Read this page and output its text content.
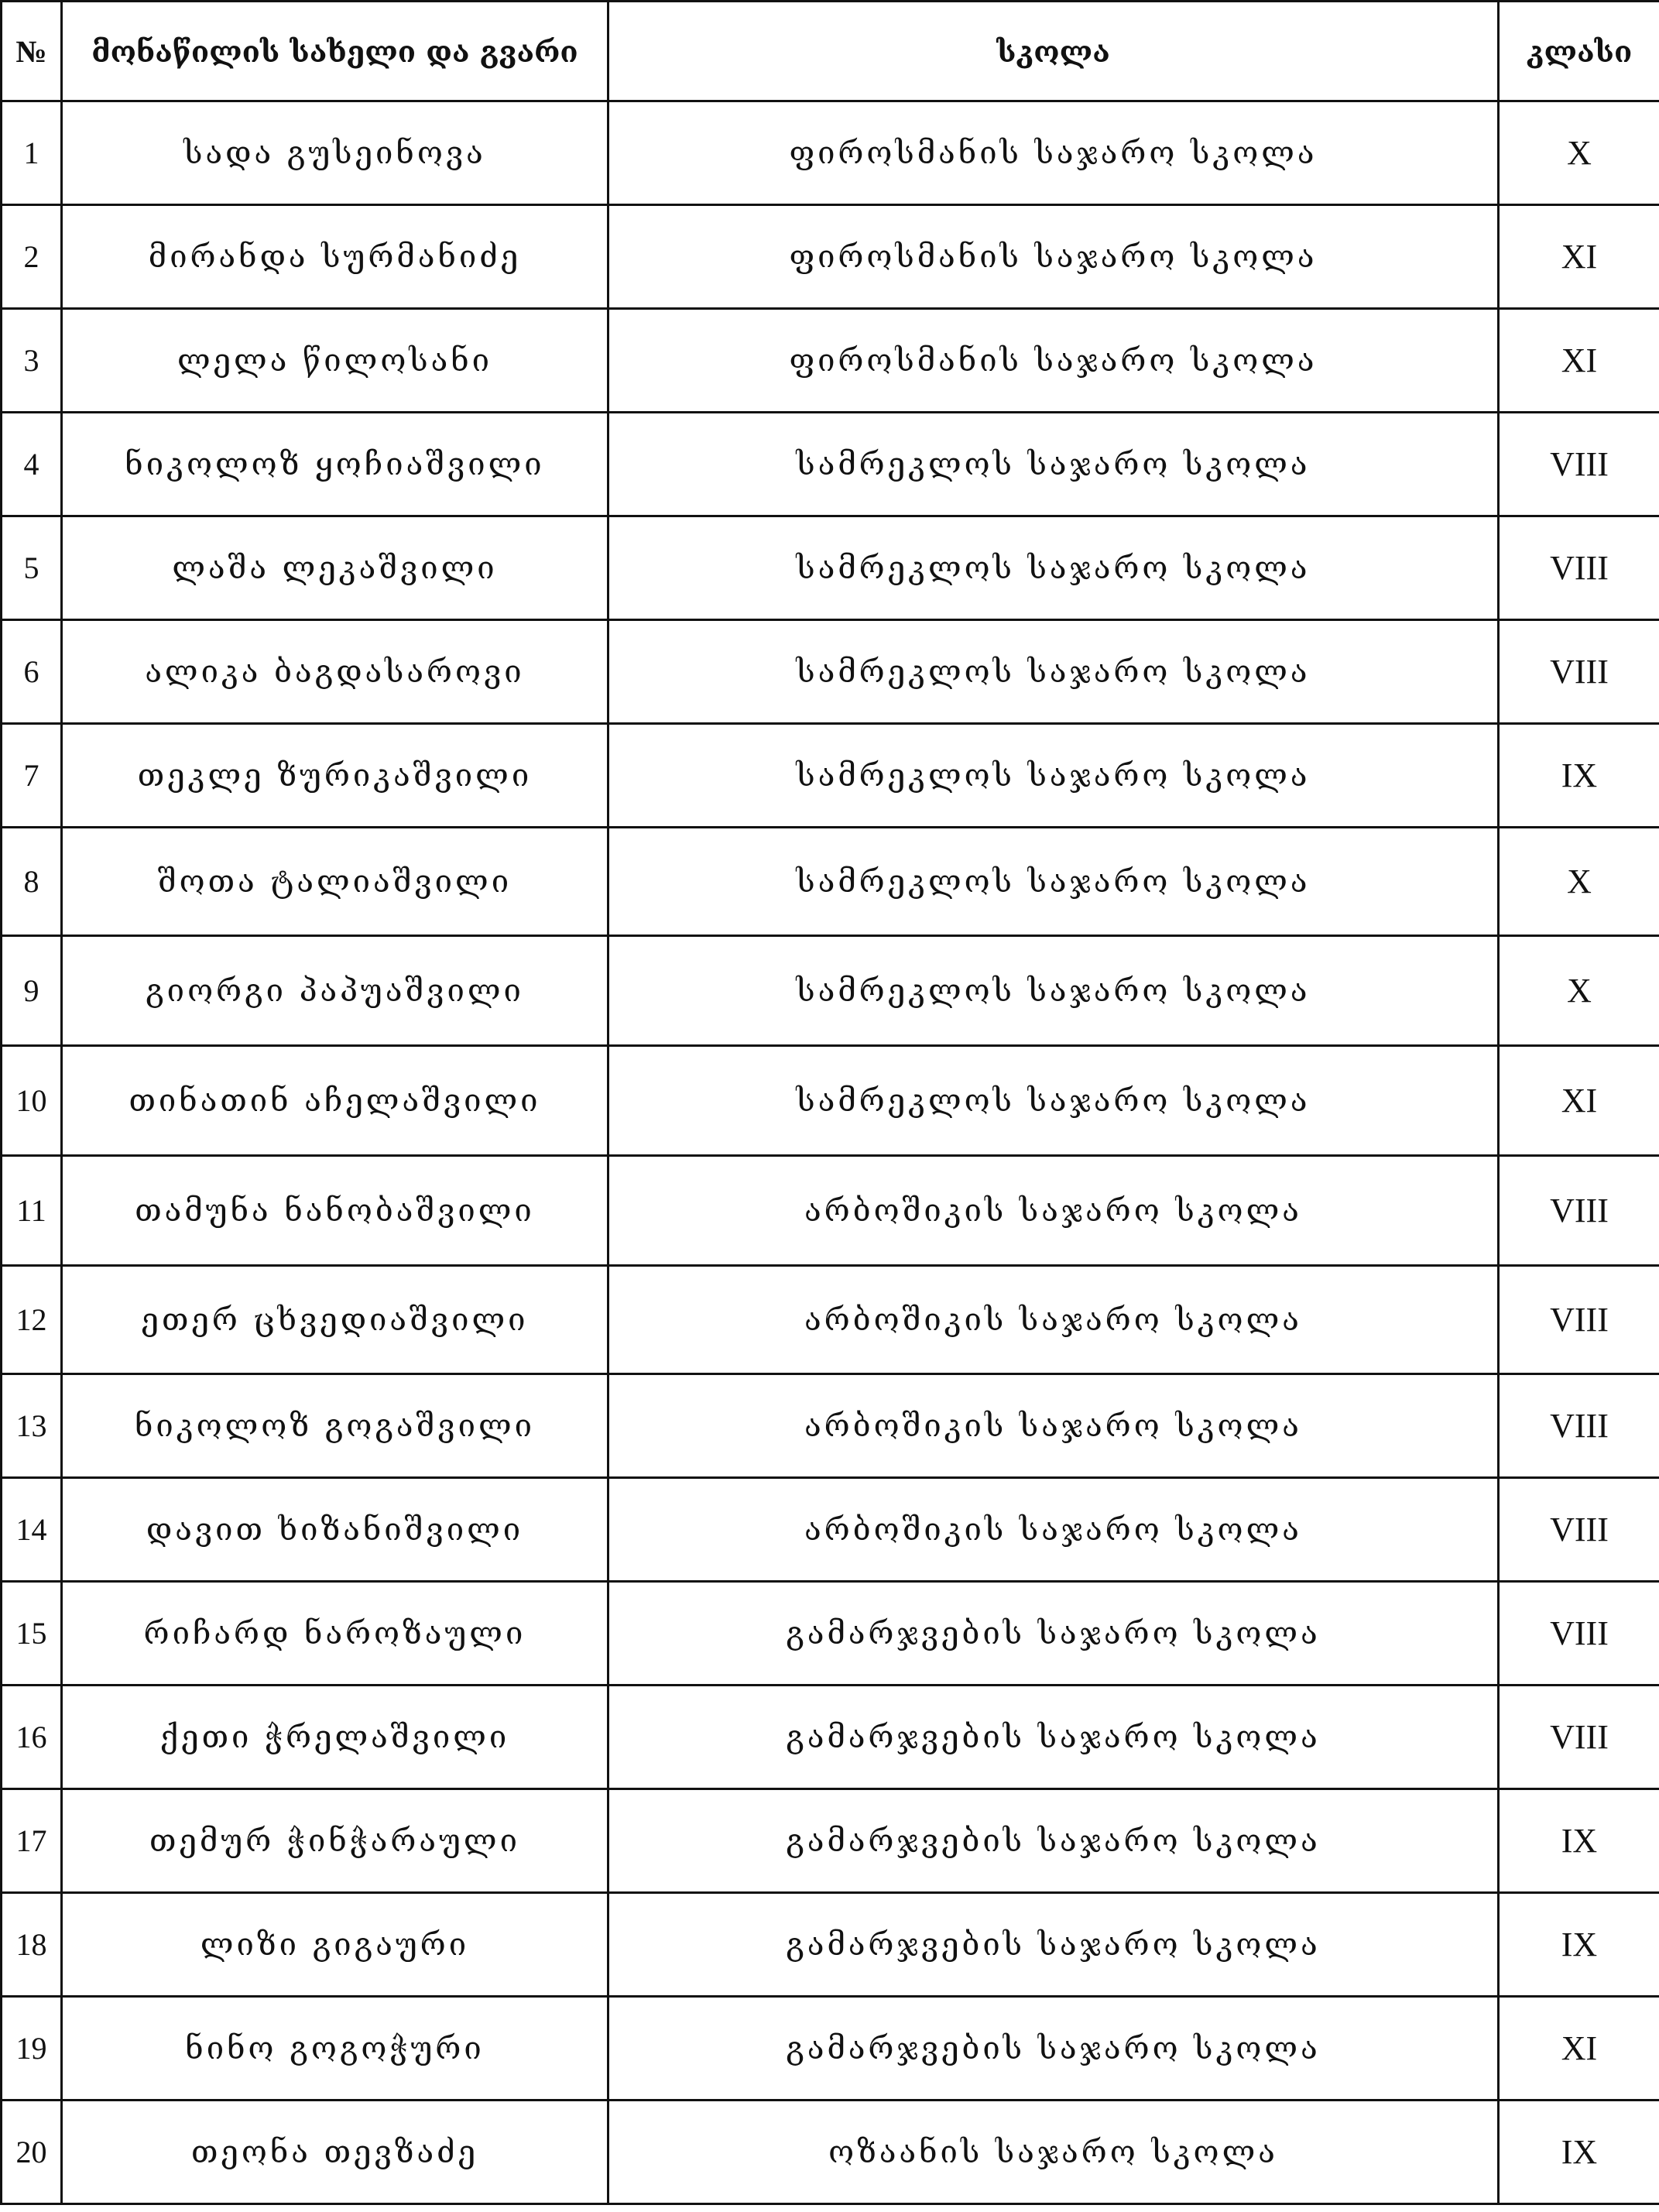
№	მონაწილის სახელი და გვარი	სკოლა	კლასი
1	სადა გუსეინოვა	ფიროსმანის საჯარო სკოლა	X
2	მირანდა სურმანიძე	ფიროსმანის საჯარო სკოლა	XI
3	ლელა წილოსანი	ფიროსმანის საჯარო სკოლა	XI
4	ნიკოლოზ ყოჩიაშვილი	სამრეკლოს საჯარო სკოლა	VIII
5	ლაშა ლეკაშვილი	სამრეკლოს საჯარო სკოლა	VIII
6	ალიკა ბაგდასაროვი	სამრეკლოს საჯარო სკოლა	VIII
7	თეკლე ზურიკაშვილი	სამრეკლოს საჯარო სკოლა	IX
8	შოთა ტალიაშვილი	სამრეკლოს საჯარო სკოლა	X
9	გიორგი პაპუაშვილი	სამრეკლოს საჯარო სკოლა	X
10	თინათინ აჩელაშვილი	სამრეკლოს საჯარო სკოლა	XI
11	თამუნა ნანობაშვილი	არბოშიკის საჯარო სკოლა	VIII
12	ეთერ ცხვედიაშვილი	არბოშიკის საჯარო სკოლა	VIII
13	ნიკოლოზ გოგაშვილი	არბოშიკის საჯარო სკოლა	VIII
14	დავით ხიზანიშვილი	არბოშიკის საჯარო სკოლა	VIII
15	რიჩარდ ნაროზაული	გამარჯვების საჯარო სკოლა	VIII
16	ქეთი ჭრელაშვილი	გამარჯვების საჯარო სკოლა	VIII
17	თემურ ჭინჭარაული	გამარჯვების საჯარო სკოლა	IX
18	ლიზი გიგაური	გამარჯვების საჯარო სკოლა	IX
19	ნინო გოგოჭური	გამარჯვების საჯარო სკოლა	XI
20	თეონა თევზაძე	ოზაანის საჯარო სკოლა	IX
